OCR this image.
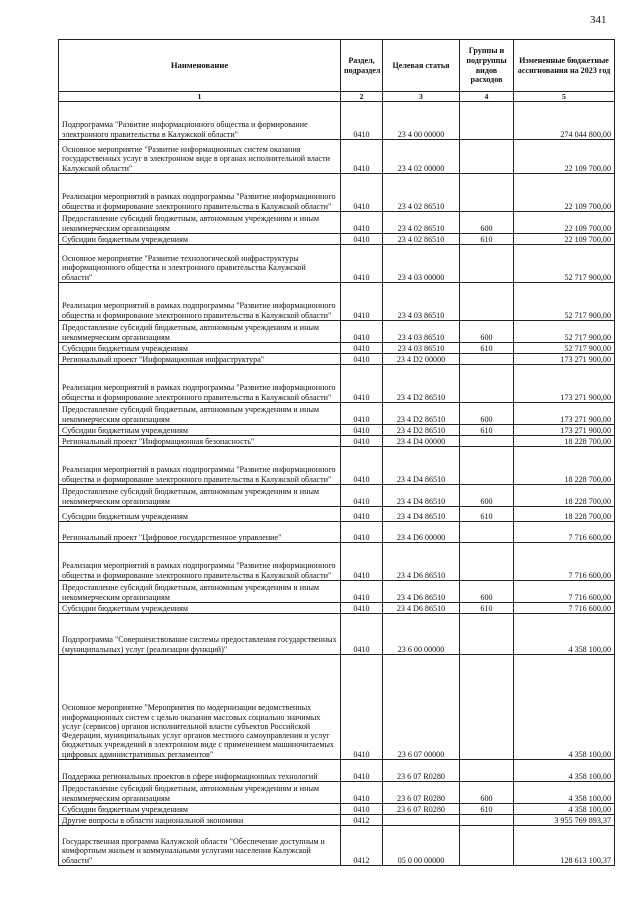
341
Наименование	Раздел, подраздел	Целевая статья	Группы и подгруппы видов расходов	Измененные бюджетные ассигнования на 2023 год
1	2	3	4	5
Подпрограмма "Развитие информационного общества и формирование электронного правительства в Калужской области"	0410	23 4 00 00000		274 044 800,00
Основное мероприятие "Развитие информационных систем оказания государственных услуг в электронном виде в органах исполнительной власти Калужской области"	0410	23 4 02 00000		22 109 700,00
Реализация мероприятий в рамках подпрограммы "Развитие информационного общества и формирование электронного правительства в Калужской области"	0410	23 4 02 86510		22 109 700,00
Предоставление субсидий бюджетным, автономным учреждениям и иным некоммерческим организациям	0410	23 4 02 86510	600	22 109 700,00
Субсидии бюджетным учреждениям	0410	23 4 02 86510	610	22 109 700,00
Основное мероприятие "Развитие технологической инфраструктуры информационного общества и электронного правительства Калужской области"	0410	23 4 03 00000		52 717 900,00
Реализация мероприятий в рамках подпрограммы "Развитие информационного общества и формирование электронного правительства в Калужской области"	0410	23 4 03 86510		52 717 900,00
Предоставление субсидий бюджетным, автономным учреждениям и иным некоммерческим организациям	0410	23 4 03 86510	600	52 717 900,00
Субсидии бюджетным учреждениям	0410	23 4 03 86510	610	52 717 900,00
Региональный проект "Информационная инфраструктура"	0410	23 4 D2 00000		173 271 900,00
Реализация мероприятий в рамках подпрограммы "Развитие информационного общества и формирование электронного правительства в Калужской области"	0410	23 4 D2 86510		173 271 900,00
Предоставление субсидий бюджетным, автономным учреждениям и иным некоммерческим организациям	0410	23 4 D2 86510	600	173 271 900,00
Субсидии бюджетным учреждениям	0410	23 4 D2 86510	610	173 271 900,00
Региональный проект "Информационная безопасность"	0410	23 4 D4 00000		18 228 700,00
Реализация мероприятий в рамках подпрограммы "Развитие информационного общества и формирование электронного правительства в Калужской области"	0410	23 4 D4 86510		18 228 700,00
Предоставление субсидий бюджетным, автономным учреждениям и иным некоммерческим организациям	0410	23 4 D4 86510	600	18 228 700,00
Субсидии бюджетным учреждениям	0410	23 4 D4 86510	610	18 228 700,00
Региональный проект "Цифровое государственное управление"	0410	23 4 D6 00000		7 716 600,00
Реализация мероприятий в рамках подпрограммы "Развитие информационного общества и формирование электронного правительства в Калужской области"	0410	23 4 D6 86510		7 716 600,00
Предоставление субсидий бюджетным, автономным учреждениям и иным некоммерческим организациям	0410	23 4 D6 86510	600	7 716 600,00
Субсидии бюджетным учреждениям	0410	23 4 D6 86510	610	7 716 600,00
Подпрограмма "Совершенствование системы предоставления государственных (муниципальных) услуг (реализации функций)"	0410	23 6 00 00000		4 358 100,00
Основное мероприятие "Мероприятия по модернизации ведомственных информационных систем с целью оказания массовых социально значимых услуг (сервисов) органов исполнительной власти субъектов Российской Федерации, муниципальных услуг органов местного самоуправления и услуг бюджетных учреждений в электронном виде с применением машиночитаемых цифровых административных регламентов"	0410	23 6 07 00000		4 358 100,00
Поддержка региональных проектов в сфере информационных технологий	0410	23 6 07 R0280		4 358 100,00
Предоставление субсидий бюджетным, автономным учреждениям и иным некоммерческим организациям	0410	23 6 07 R0280	600	4 358 100,00
Субсидии бюджетным учреждениям	0410	23 6 07 R0280	610	4 358 100,00
Другие вопросы в области национальной экономики	0412			3 955 769 893,37
Государственная программа Калужской области "Обеспечение доступным и комфортным жильем и коммунальными услугами населения Калужской области"	0412	05 0 00 00000		128 613 100,37
